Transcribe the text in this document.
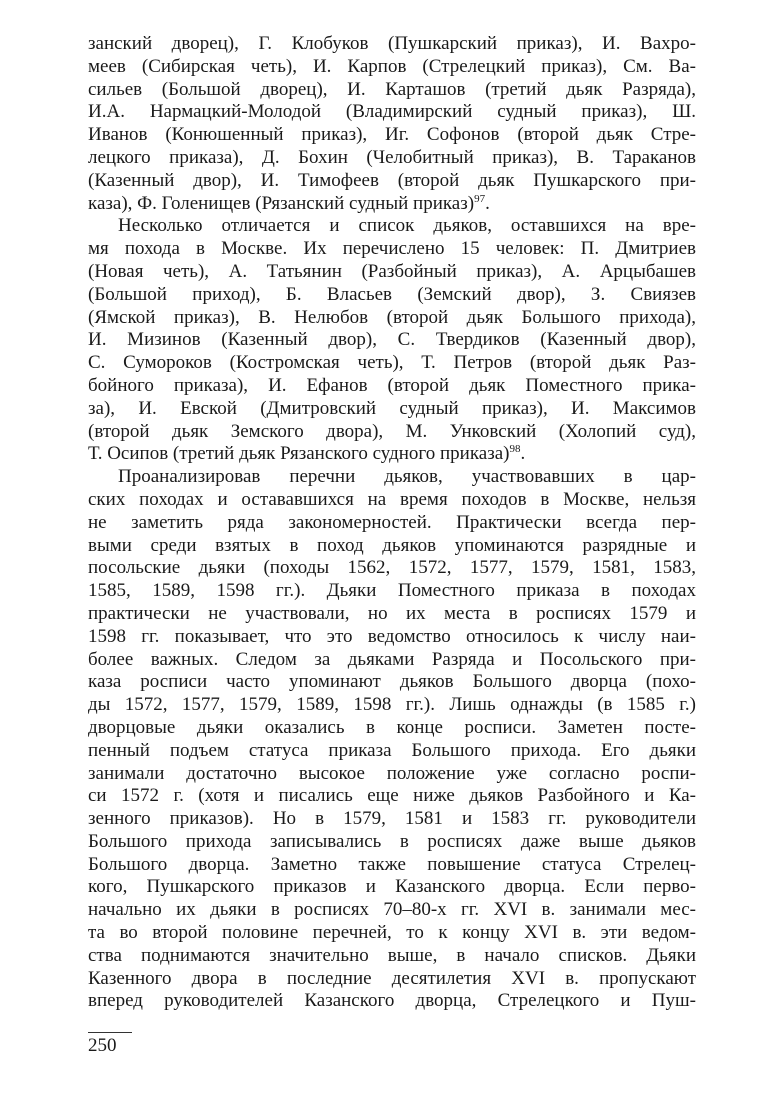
занский дворец), Г. Клобуков (Пушкарский приказ), И. Вахро-
меев (Сибирская четь), И. Карпов (Стрелецкий приказ), См. Ва-
сильев (Большой дворец), И. Карташов (третий дьяк Разряда),
И.А. Нармацкий-Молодой (Владимирский судный приказ), Ш.
Иванов (Конюшенный приказ), Иг. Софонов (второй дьяк Стре-
лецкого приказа), Д. Бохин (Челобитный приказ), В. Тараканов
(Казенный двор), И. Тимофеев (второй дьяк Пушкарского при-
каза), Ф. Голенищев (Рязанский судный приказ)$^{97}$.
Несколько отличается и список дьяков, оставшихся на вре-
мя похода в Москве. Их перечислено 15 человек: П. Дмитриев
(Новая четь), А. Татьянин (Разбойный приказ), А. Арцыбашев
(Большой приход), Б. Власьев (Земский двор), З. Свиязев
(Ямской приказ), В. Нелюбов (второй дьяк Большого прихода),
И. Мизинов (Казенный двор), С. Твердиков (Казенный двор),
С. Сумороков (Костромская четь), Т. Петров (второй дьяк Раз-
бойного приказа), И. Ефанов (второй дьяк Поместного прика-
за), И. Евской (Дмитровский судный приказ), И. Максимов
(второй дьяк Земского двора), М. Унковский (Холопий суд),
Т. Осипов (третий дьяк Рязанского судного приказа)$^{98}$.
Проанализировав перечни дьяков, участвовавших в цар-
ских походах и остававшихся на время походов в Москве, нельзя
не заметить ряда закономерностей. Практически всегда пер-
выми среди взятых в поход дьяков упоминаются разрядные и
посольские дьяки (походы 1562, 1572, 1577, 1579, 1581, 1583,
1585, 1589, 1598 гг.). Дьяки Поместного приказа в походах
практически не участвовали, но их места в росписях 1579 и
1598 гг. показывает, что это ведомство относилось к числу наи-
более важных. Следом за дьяками Разряда и Посольского при-
каза росписи часто упоминают дьяков Большого дворца (похо-
ды 1572, 1577, 1579, 1589, 1598 гг.). Лишь однажды (в 1585 г.)
дворцовые дьяки оказались в конце росписи. Заметен посте-
пенный подъем статуса приказа Большого прихода. Его дьяки
занимали достаточно высокое положение уже согласно роспи-
си 1572 г. (хотя и писались еще ниже дьяков Разбойного и Ка-
зенного приказов). Но в 1579, 1581 и 1583 гг. руководители
Большого прихода записывались в росписях даже выше дьяков
Большого дворца. Заметно также повышение статуса Стрелец-
кого, Пушкарского приказов и Казанского дворца. Если перво-
начально их дьяки в росписях 70–80-х гг. XVI в. занимали мес-
та во второй половине перечней, то к концу XVI в. эти ведом-
ства поднимаются значительно выше, в начало списков. Дьяки
Казенного двора в последние десятилетия XVI в. пропускают
вперед руководителей Казанского дворца, Стрелецкого и Пуш-
250
